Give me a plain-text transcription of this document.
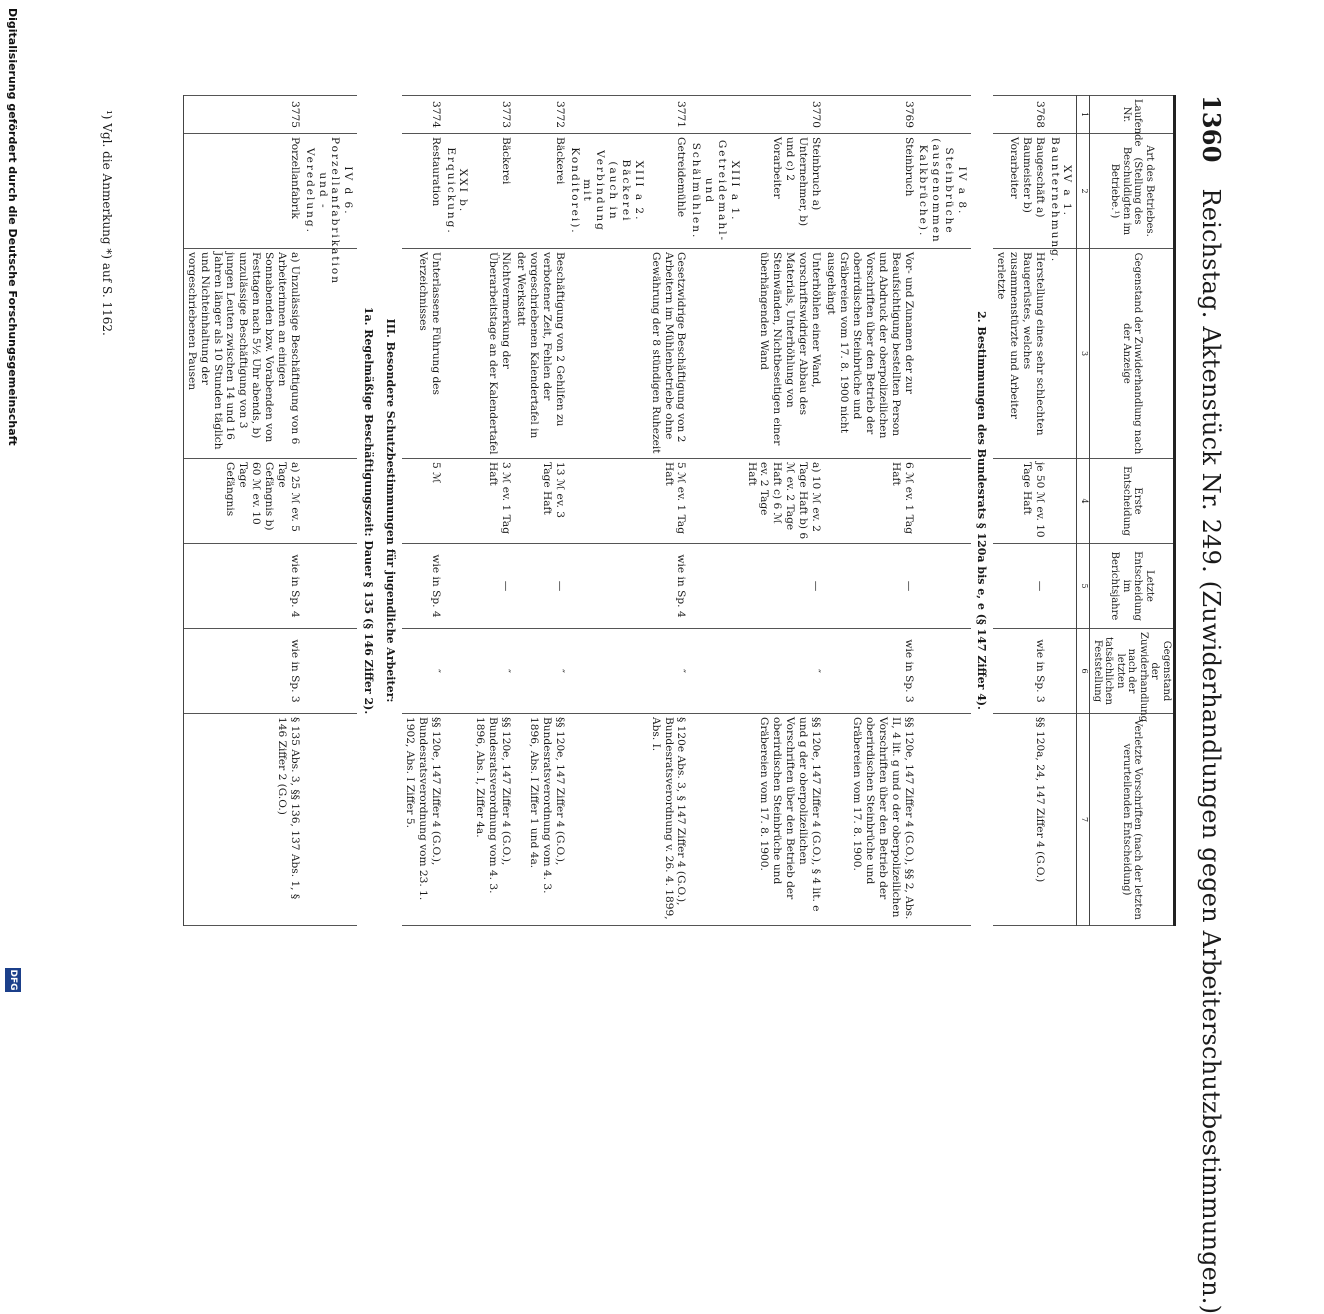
1360 Reichstag. Aktenstück Nr. 249. (Zuwiderhandlungen gegen Arbeiterschutzbestimmungen.)
Laufende Nr.	Art des Betriebes. (Stellung des Beschuldigten im Betriebe.¹)	Gegenstand der Zuwiderhandlung nach der Anzeige	Erste Entscheidung	Letzte Entscheidung im Berichtsjahre	Gegenstand der Zuwiderhandlung nach der letzten tatsächlichen Feststellung	Verletzte Vorschriften (nach der letzten verurteilenden Entscheidung)
1	2	3	4	5	6	7
	XV a 1. Baunternehmung.					
3768	Baugeschäft a) Baumeister b) Vorarbeiter	Herstellung eines sehr schlechten Baugerüstes, welches zusammenstürzte und Arbeiter verletzte	je 50 ℳ ev. 10 Tage Haft	—	wie in Sp. 3	§§ 120a, 24, 147 Ziffer 4 (G.O.)
2. Bestimmungen des Bundesrats § 120a bis e, e (§ 147 Ziffer 4).						
	IV a 8. Steinbrüche (ausgenommen Kalkbrüche).					
3769	Steinbruch	Vor- und Zunamen der zur Beaufsichtigung bestellten Person und Abdruck der oberpolizeilichen Vorschriften über den Betrieb der oberirdischen Steinbrüche und Gräbereien vom 17. 8. 1900 nicht ausgehängt	6 ℳ ev. 1 Tag Haft	—	wie in Sp. 3	§§ 120e, 147 Ziffer 4 (G.O.), §§ 2, Abs. II, 4 lit. g und o der oberpolizeilichen Vorschriften über den Betrieb der oberirdischen Steinbrüche und Gräbereien vom 17. 8. 1900.
3770	Steinbruch a) Unternehmer, b) und c) 2 Vorarbeiter	Unterhöhlen einer Wand, vorschriftswidriger Abbau des Materials, Unterhöhlung von Steinwänden, Nichtbeseitigen einer überhängenden Wand	a) 10 ℳ ev. 2 Tage Haft b) 6 ℳ ev. 2 Tage Haft c) 6 ℳ ev. 2 Tage Haft	—	″	§§ 120e, 147 Ziffer 4 (G.O.), § 4 lit. e und g der oberpolizeilichen Vorschriften über den Betrieb der oberirdischen Steinbrüche und Gräbereien vom 17. 8. 1900.
	XIII a 1. Getreidemahl- und Schälmühlen.					
3771	Getreidemühle	Gesetzwidrige Beschäftigung von 2 Arbeitern im Mühlenbetriebe ohne Gewährung der 8 stündigen Ruhezeit	5 ℳ ev. 1 Tag Haft	wie in Sp. 4	″	§ 120e Abs. 3, § 147 Ziffer 4 (G.O.), Bundesratsverordnung v. 26. 4. 1899, Abs. I.
	XIII a 2. Bäckerei (auch in Verbindung mit Konditorei).					
3772	Bäckerei	Beschäftigung von 2 Gehilfen zu verbotener Zeit, Fehlen der vorgeschriebenen Kalendertafel in der Werkstatt	13 ℳ ev. 3 Tage Haft	—	″	§§ 120e, 147 Ziffer 4 (G.O.), Bundesratsverordnung vom 4. 3. 1896, Abs. I Ziffer 1 und 4a.
3773	Bäckerei	Nichtvermerkung der Überarbeitstage an der Kalendertafel	3 ℳ ev. 1 Tag Haft	—	″	§§ 120e, 147 Ziffer 4 (G.O.), Bundesratsverordnung vom 4. 3. 1896, Abs. I, Ziffer 4a.
	XXI b. Erquickung.					
3774	Restauration	Unterlassene Führung des Verzeichnisses	5 ℳ	wie in Sp. 4	″	§§ 120e, 147 Ziffer 4 (G.O.), Bundesratsverordnung vom 23. 1. 1902, Abs. I Ziffer 5.
III. Besondere Schutzbestimmungen für jugendliche Arbeiter:						
1a. Regelmäßige Beschäftigungszeit: Dauer § 135 (§ 146 Ziffer 2).						
	IV d 6. Porzellanfabrikation und -Veredelung.					
3775	Porzellanfabrik	a) Unzulässige Beschäftigung von 6 Arbeiterinnen an einigen Sonnabenden bzw. Vorabenden von Festtagen nach 5½ Uhr abends, b) unzulässige Beschäftigung von 3 jungen Leuten zwischen 14 und 16 Jahren länger als 10 Stunden täglich und Nichteinhaltung der vorgeschriebenen Pausen	a) 25 ℳ ev. 5 Tage Gefängnis b) 60 ℳ ev. 10 Tage Gefängnis	wie in Sp. 4	wie in Sp. 3	§ 135 Abs. 3, §§ 136, 137 Abs. 1, § 146 Ziffer 2 (G.O.)
¹) Vgl. die Anmerkung *) auf S. 1162.
Digitalisierung gefördert durch die Deutsche Forschungsgemeinschaft
DFG
